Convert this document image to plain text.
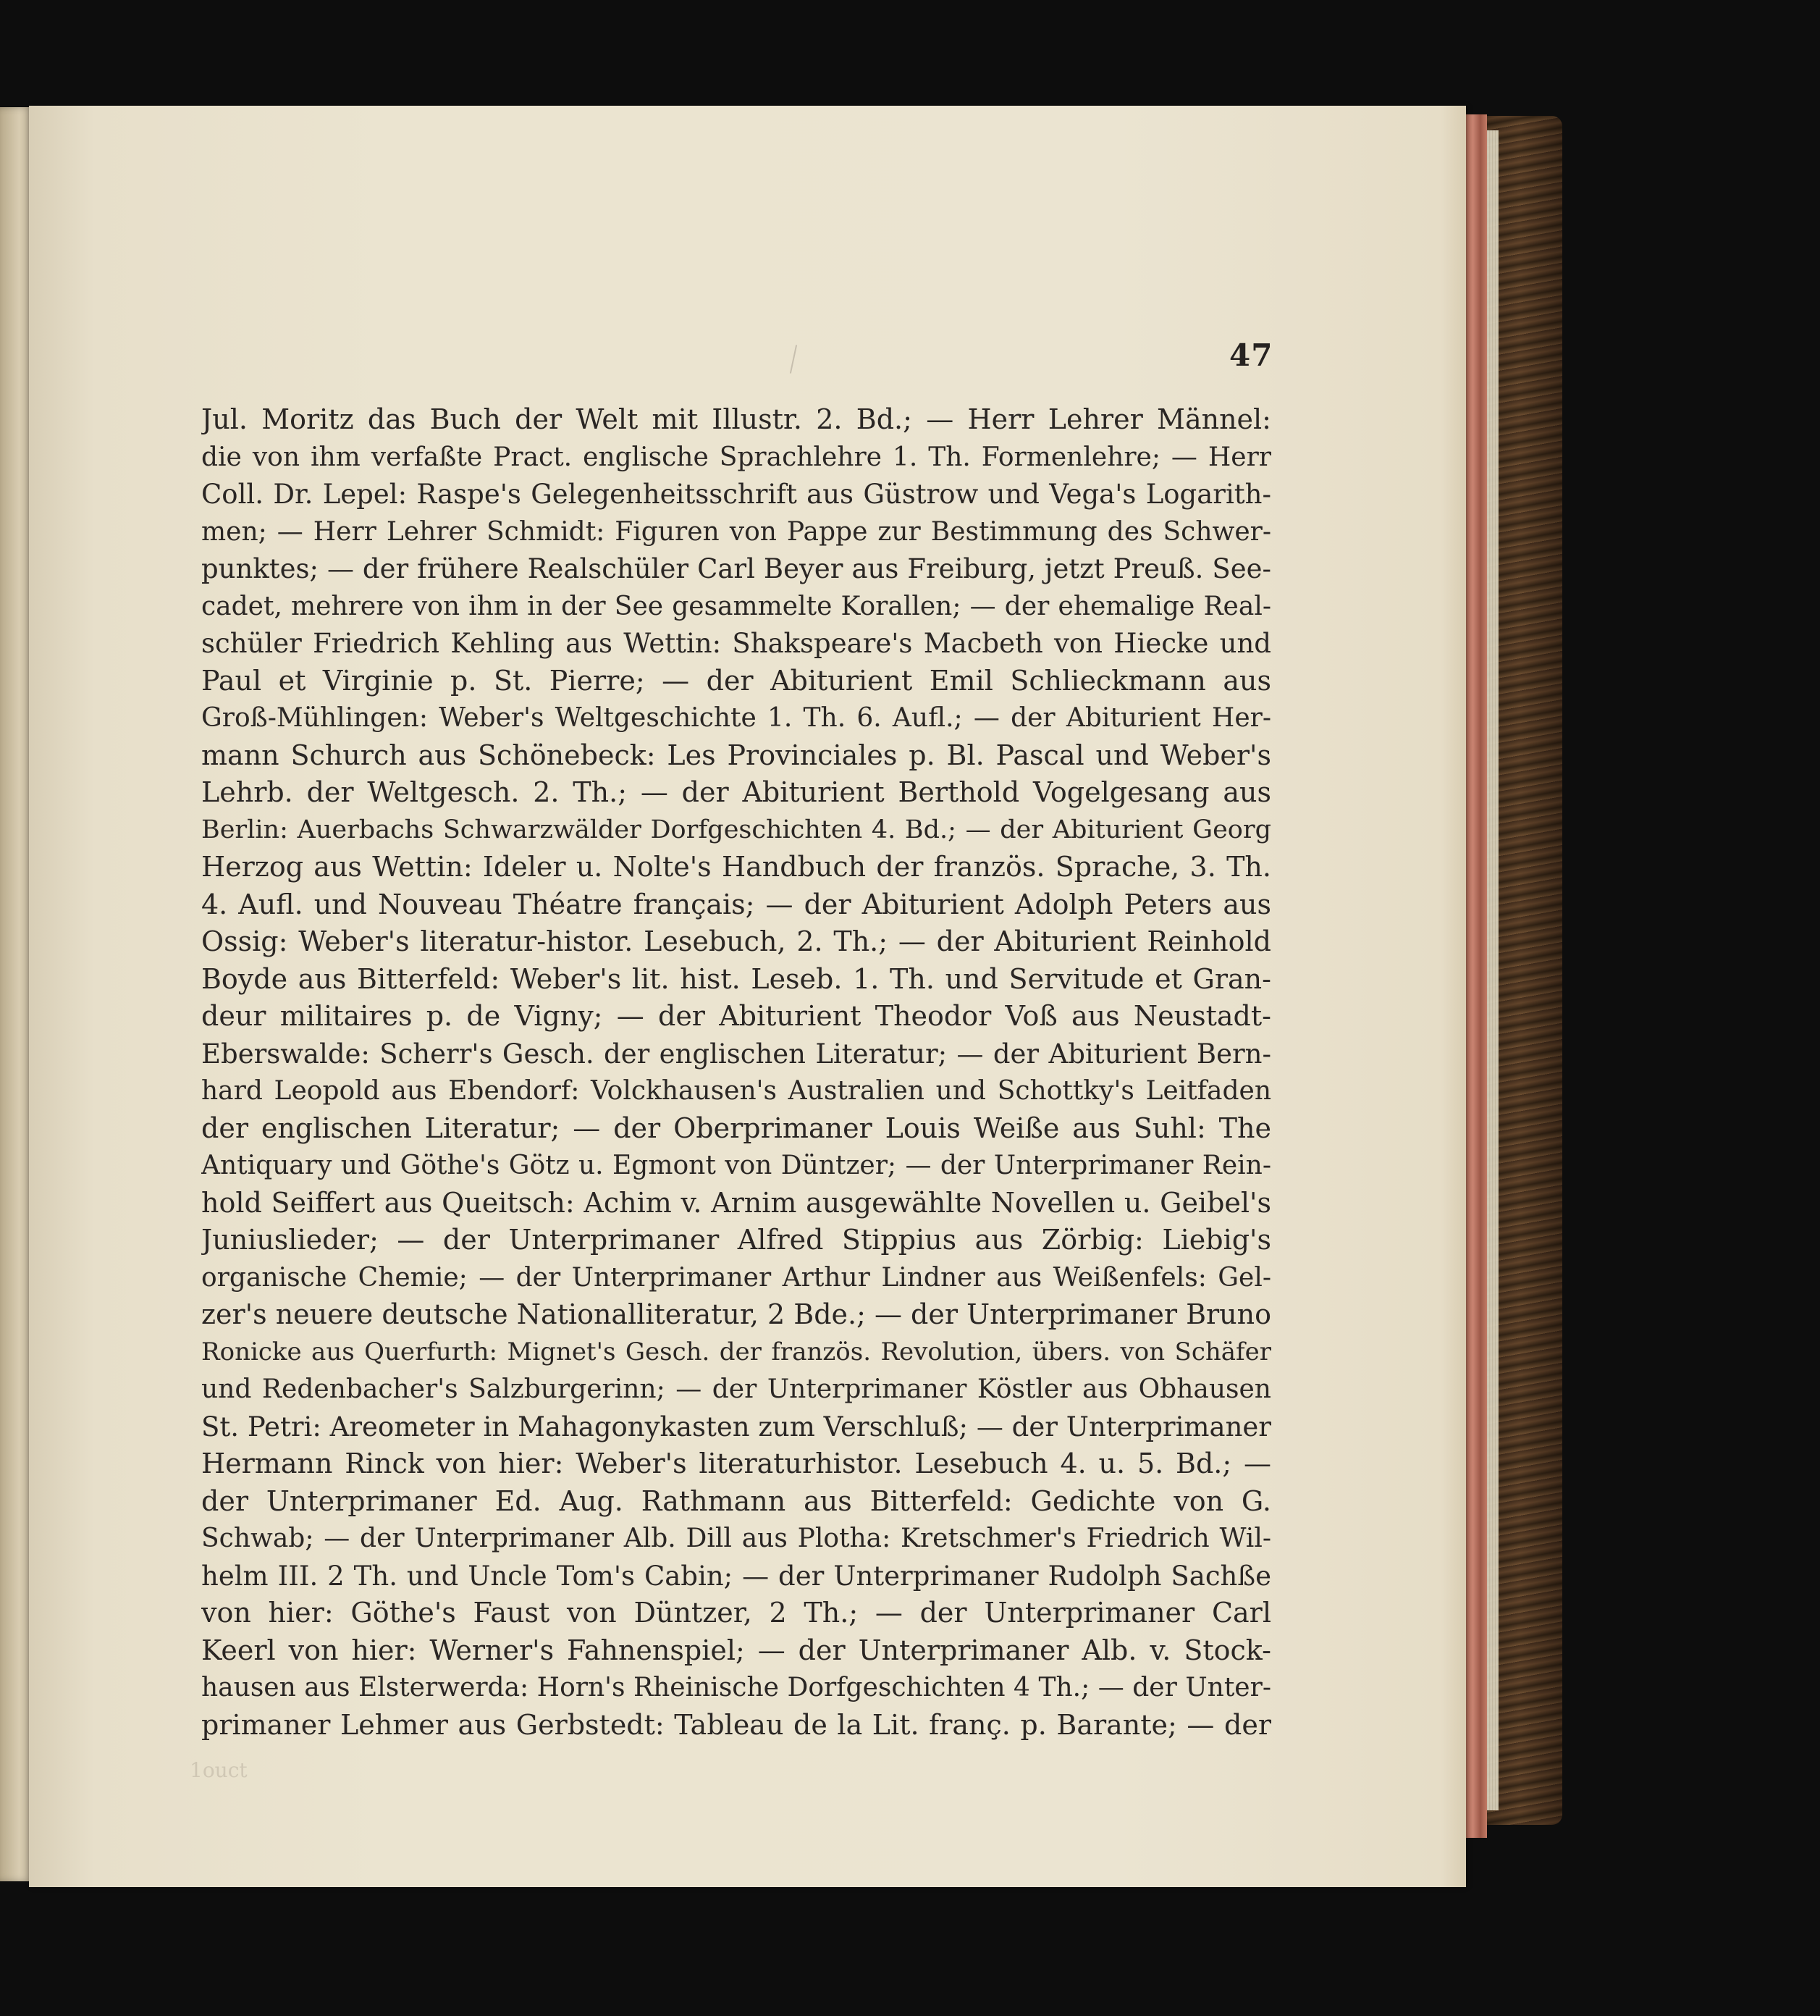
47
Jul. Moritz das Buch der Welt mit Illustr. 2. Bd.; — Herr Lehrer Männel:
die von ihm verfaßte Pract. englische Sprachlehre 1. Th. Formenlehre; — Herr
Coll. Dr. Lepel: Raspe's Gelegenheitsschrift aus Güstrow und Vega's Logarith-
men; — Herr Lehrer Schmidt: Figuren von Pappe zur Bestimmung des Schwer-
punktes; — der frühere Realschüler Carl Beyer aus Freiburg, jetzt Preuß. See-
cadet, mehrere von ihm in der See gesammelte Korallen; — der ehemalige Real-
schüler Friedrich Kehling aus Wettin: Shakspeare's Macbeth von Hiecke und
Paul et Virginie p. St. Pierre; — der Abiturient Emil Schlieckmann aus
Groß-Mühlingen: Weber's Weltgeschichte 1. Th. 6. Aufl.; — der Abiturient Her-
mann Schurch aus Schönebeck: Les Provinciales p. Bl. Pascal und Weber's
Lehrb. der Weltgesch. 2. Th.; — der Abiturient Berthold Vogelgesang aus
Berlin: Auerbachs Schwarzwälder Dorfgeschichten 4. Bd.; — der Abiturient Georg
Herzog aus Wettin: Ideler u. Nolte's Handbuch der französ. Sprache, 3. Th.
4. Aufl. und Nouveau Théatre français; — der Abiturient Adolph Peters aus
Ossig: Weber's literatur-histor. Lesebuch, 2. Th.; — der Abiturient Reinhold
Boyde aus Bitterfeld: Weber's lit. hist. Leseb. 1. Th. und Servitude et Gran-
deur militaires p. de Vigny; — der Abiturient Theodor Voß aus Neustadt-
Eberswalde: Scherr's Gesch. der englischen Literatur; — der Abiturient Bern-
hard Leopold aus Ebendorf: Volckhausen's Australien und Schottky's Leitfaden
der englischen Literatur; — der Oberprimaner Louis Weiße aus Suhl: The
Antiquary und Göthe's Götz u. Egmont von Düntzer; — der Unterprimaner Rein-
hold Seiffert aus Queitsch: Achim v. Arnim ausgewählte Novellen u. Geibel's
Juniuslieder; — der Unterprimaner Alfred Stippius aus Zörbig: Liebig's
organische Chemie; — der Unterprimaner Arthur Lindner aus Weißenfels: Gel-
zer's neuere deutsche Nationalliteratur, 2 Bde.; — der Unterprimaner Bruno
Ronicke aus Querfurth: Mignet's Gesch. der französ. Revolution, übers. von Schäfer
und Redenbacher's Salzburgerinn; — der Unterprimaner Köstler aus Obhausen
St. Petri: Areometer in Mahagonykasten zum Verschluß; — der Unterprimaner
Hermann Rinck von hier: Weber's literaturhistor. Lesebuch 4. u. 5. Bd.; —
der Unterprimaner Ed. Aug. Rathmann aus Bitterfeld: Gedichte von G.
Schwab; — der Unterprimaner Alb. Dill aus Plotha: Kretschmer's Friedrich Wil-
helm III. 2 Th. und Uncle Tom's Cabin; — der Unterprimaner Rudolph Sachße
von hier: Göthe's Faust von Düntzer, 2 Th.; — der Unterprimaner Carl
Keerl von hier: Werner's Fahnenspiel; — der Unterprimaner Alb. v. Stock-
hausen aus Elsterwerda: Horn's Rheinische Dorfgeschichten 4 Th.; — der Unter-
primaner Lehmer aus Gerbstedt: Tableau de la Lit. franç. p. Barante; — der
1ouct
